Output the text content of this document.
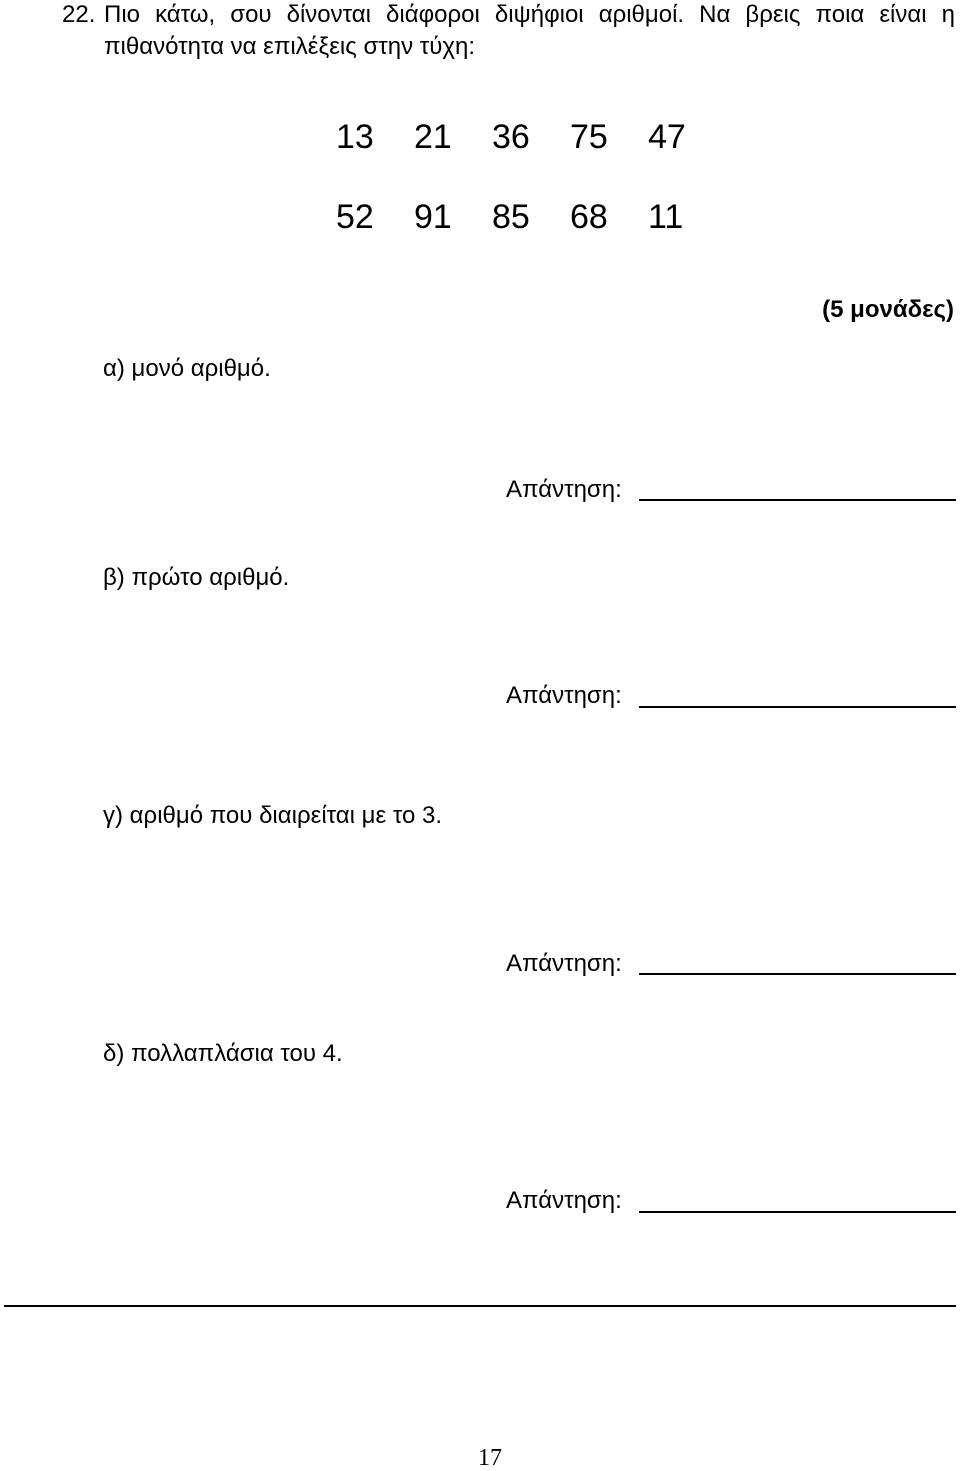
22. Πιο κάτω, σου δίνονται διάφοροι διψήφιοι αριθμοί. Να βρεις ποια είναι η
πιθανότητα να επιλέξεις στην τύχη:
13	21	36	75	47
52	91	85	68	11
(5 μονάδες)
α) μονό αριθμό.
Απάντηση:
β) πρώτο αριθμό.
Απάντηση:
γ) αριθμό που διαιρείται με το 3.
Απάντηση:
δ) πολλαπλάσια του 4.
Απάντηση:
17
